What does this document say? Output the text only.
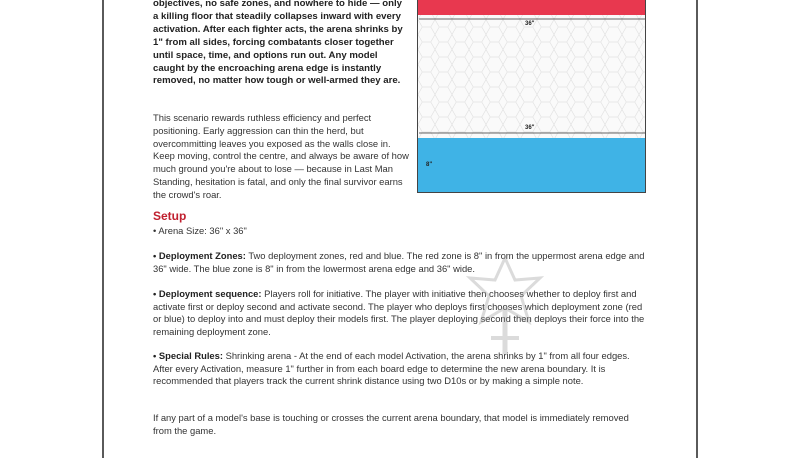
objectives, no safe zones, and nowhere to hide — only a killing floor that steadily collapses inward with every activation. After each fighter acts, the arena shrinks by 1" from all sides, forcing combatants closer together until space, time, and options run out. Any model caught by the encroaching arena edge is instantly removed, no matter how tough or well-armed they are.

This scenario rewards ruthless efficiency and perfect positioning. Early aggression can thin the herd, but overcommitting leaves you exposed as the walls close in. Keep moving, control the centre, and always be aware of how much ground you're about to lose — because in Last Man Standing, hesitation is fatal, and only the final survivor earns the crowd's roar.

36"
36"
8"
Setup

• Arena Size: 36" x 36"

• Deployment Zones: Two deployment zones, red and blue. The red zone is 8" in from the uppermost arena edge and 36" wide. The blue zone is 8" in from the lowermost arena edge and 36" wide.

• Deployment sequence: Players roll for initiative. The player with initiative then chooses whether to deploy first and activate first or deploy second and activate second. The player who deploys first chooses which deployment zone (red or blue) to deploy into and must deploy their models first. The player deploying second then deploys their force into the remaining deployment zone.

• Special Rules: Shrinking arena - At the end of each model Activation, the arena shrinks by 1" from all four edges. After every Activation, measure 1" further in from each board edge to determine the new arena boundary. It is recommended that players track the current shrink distance using two D10s or by making a simple note.

If any part of a model's base is touching or crosses the current arena boundary, that model is immediately removed from the game.
